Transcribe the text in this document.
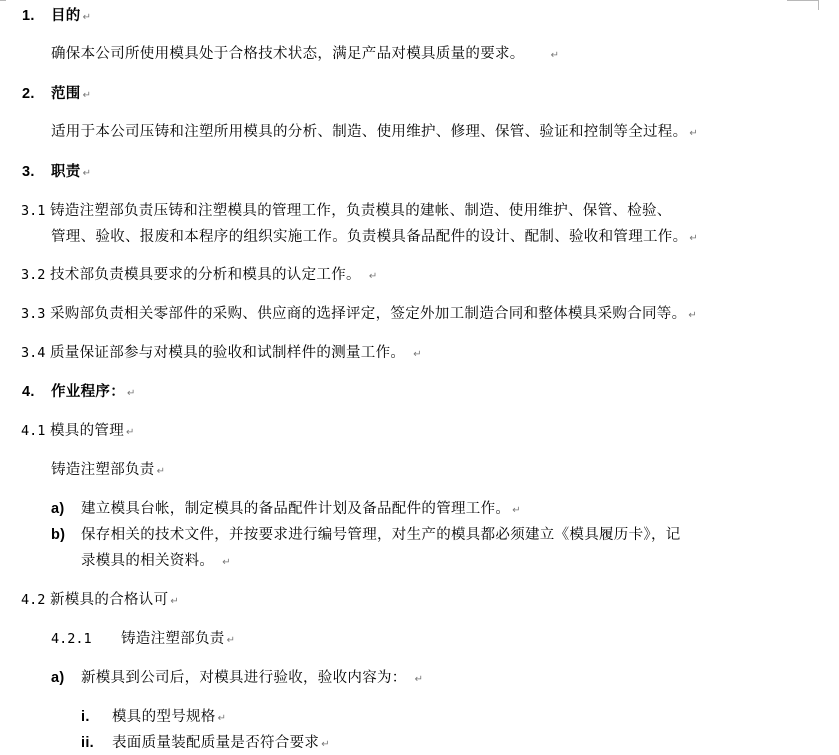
1. 目的 ↵
确保本公司所使用模具处于合格技术状态，满足产品对模具质量的要求。	↵
2. 范围 ↵
适用于本公司压铸和注塑所用模具的分析、制造、使用维护、修理、保管、验证和控制等全过程。 ↵
3. 职责 ↵
3.1 铸造注塑部负责压铸和注塑模具的管理工作，负责模具的建帐、制造、使用维护、保管、检验、
管理、验收、报废和本程序的组织实施工作。负责模具备品配件的设计、配制、验收和管理工作。 ↵
3.2 技术部负责模具要求的分析和模具的认定工作。 ↵
3.3 采购部负责相关零部件的采购、供应商的选择评定，签定外加工制造合同和整体模具采购合同等。 ↵
3.4 质量保证部参与对模具的验收和试制样件的测量工作。 ↵
4. 作业程序： ↵
4.1 模具的管理 ↵
铸造注塑部负责 ↵
a) 建立模具台帐，制定模具的备品配件计划及备品配件的管理工作。 ↵
b) 保存相关的技术文件，并按要求进行编号管理，对生产的模具都必须建立《模具履历卡》，记
录模具的相关资料。 ↵
4.2 新模具的合格认可 ↵
4.2.1 铸造注塑部负责 ↵
a) 新模具到公司后，对模具进行验收，验收内容为： ↵
i. 模具的型号规格 ↵
ii. 表面质量装配质量是否符合要求 ↵
